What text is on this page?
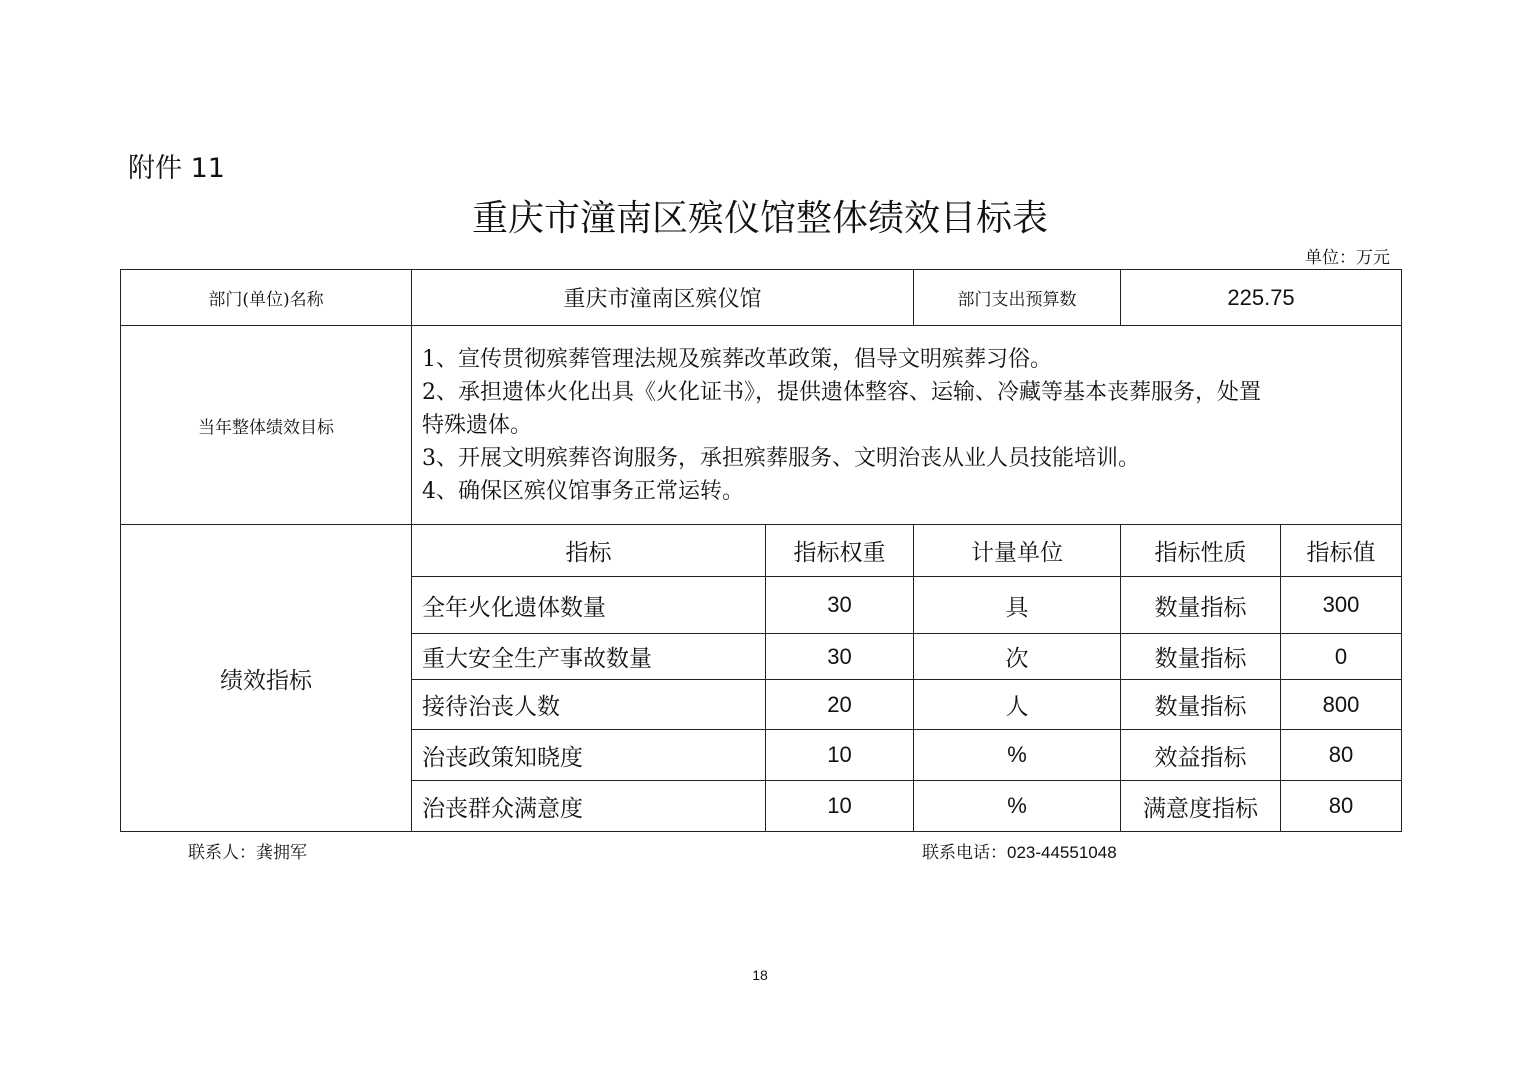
附件 11
重庆市潼南区殡仪馆整体绩效目标表
单位：万元
部门(单位)名称	重庆市潼南区殡仪馆		部门支出预算数	225.75	
当年整体绩效目标	1、宣传贯彻殡葬管理法规及殡葬改革政策，倡导文明殡葬习俗。
2、承担遗体火化出具《火化证书》，提供遗体整容、运输、冷藏等基本丧葬服务，处置
特殊遗体。
3、开展文明殡葬咨询服务，承担殡葬服务、文明治丧从业人员技能培训。
4、确保区殡仪馆事务正常运转。				

绩效指标	指标	指标权重	计量单位	指标性质	指标值
	全年火化遗体数量	30	具	数量指标	300
	重大安全生产事故数量	30	次	数量指标	0
	接待治丧人数	20	人	数量指标	800
	治丧政策知晓度	10	%	效益指标	80
	治丧群众满意度	10	%	满意度指标	80
联系人：龚拥军	联系电话：023-44551048
18
